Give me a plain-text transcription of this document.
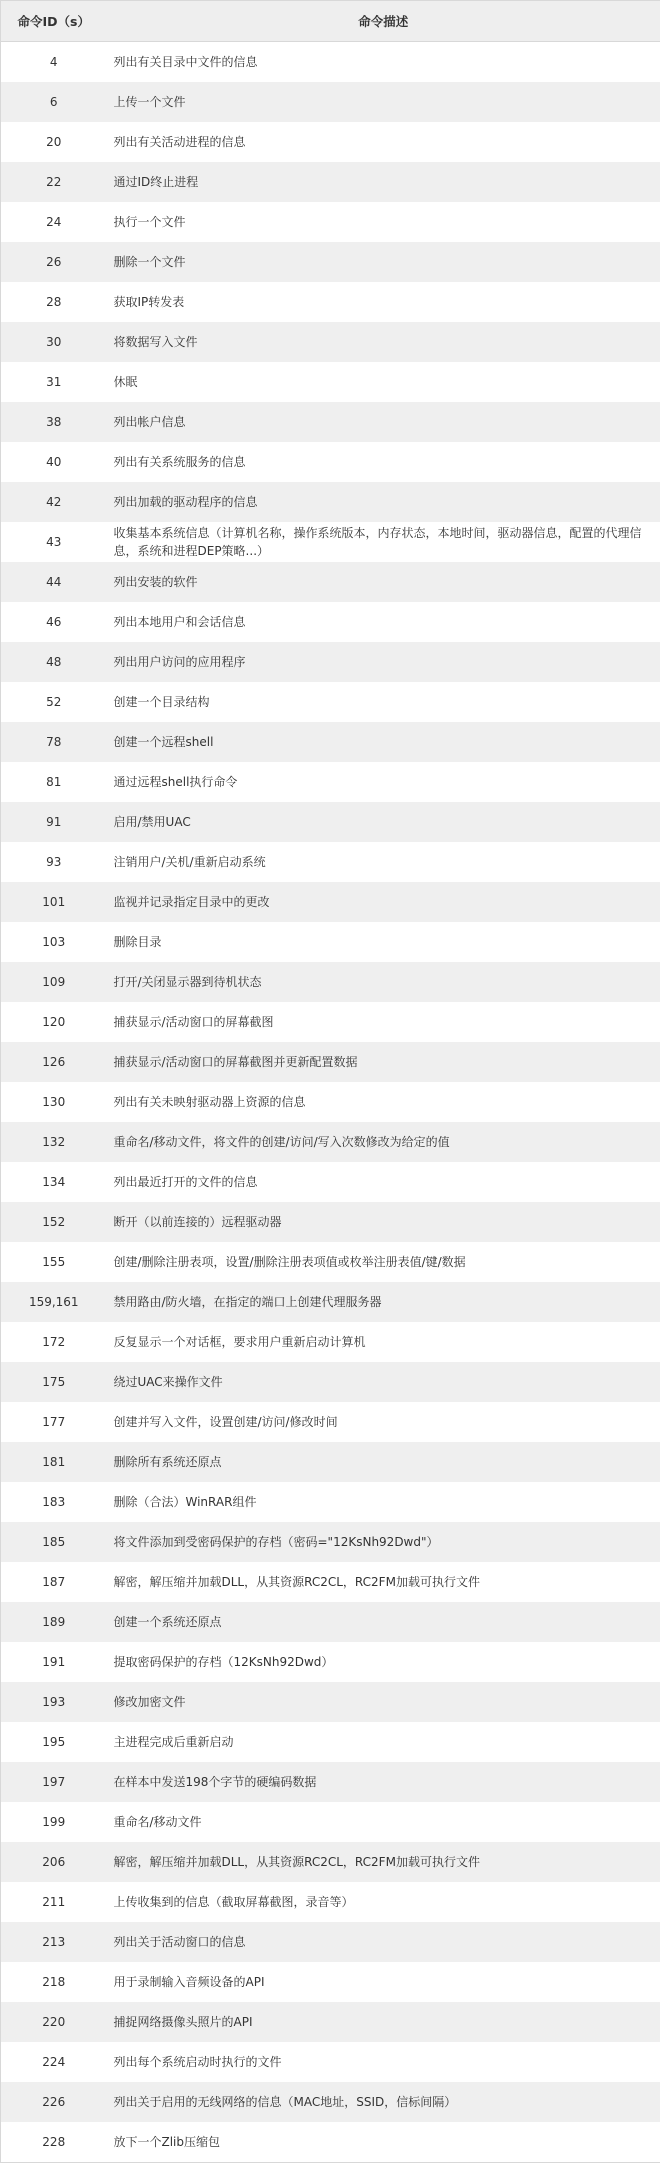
命令ID（s）	命令描述
4	列出有关目录中文件的信息
6	上传一个文件
20	列出有关活动进程的信息
22	通过ID终止进程
24	执行一个文件
26	删除一个文件
28	获取IP转发表
30	将数据写入文件
31	休眠
38	列出帐户信息
40	列出有关系统服务的信息
42	列出加载的驱动程序的信息
43	收集基本系统信息（计算机名称，操作系统版本，内存状态，本地时间，驱动器信息，配置的代理信息，系统和进程DEP策略...）
44	列出安装的软件
46	列出本地用户和会话信息
48	列出用户访问的应用程序
52	创建一个目录结构
78	创建一个远程shell
81	通过远程shell执行命令
91	启用/禁用UAC
93	注销用户/关机/重新启动系统
101	监视并记录指定目录中的更改
103	删除目录
109	打开/关闭显示器到待机状态
120	捕获显示/活动窗口的屏幕截图
126	捕获显示/活动窗口的屏幕截图并更新配置数据
130	列出有关未映射驱动器上资源的信息
132	重命名/移动文件，将文件的创建/访问/写入次数修改为给定的值
134	列出最近打开的文件的信息
152	断开（以前连接的）远程驱动器
155	创建/删除注册表项，设置/删除注册表项值或枚举注册表值/键/数据
159,161	禁用路由/防火墙，在指定的端口上创建代理服务器
172	反复显示一个对话框，要求用户重新启动计算机
175	绕过UAC来操作文件
177	创建并写入文件，设置创建/访问/修改时间
181	删除所有系统还原点
183	删除（合法）WinRAR组件
185	将文件添加到受密码保护的存档（密码="12KsNh92Dwd"）
187	解密，解压缩并加载DLL，从其资源RC2CL，RC2FM加载可执行文件
189	创建一个系统还原点
191	提取密码保护的存档（12KsNh92Dwd）
193	修改加密文件
195	主进程完成后重新启动
197	在样本中发送198个字节的硬编码数据
199	重命名/移动文件
206	解密，解压缩并加载DLL，从其资源RC2CL，RC2FM加载可执行文件
211	上传收集到的信息（截取屏幕截图，录音等）
213	列出关于活动窗口的信息
218	用于录制输入音频设备的API
220	捕捉网络摄像头照片的API
224	列出每个系统启动时执行的文件
226	列出关于启用的无线网络的信息（MAC地址，SSID，信标间隔）
228	放下一个Zlib压缩包
